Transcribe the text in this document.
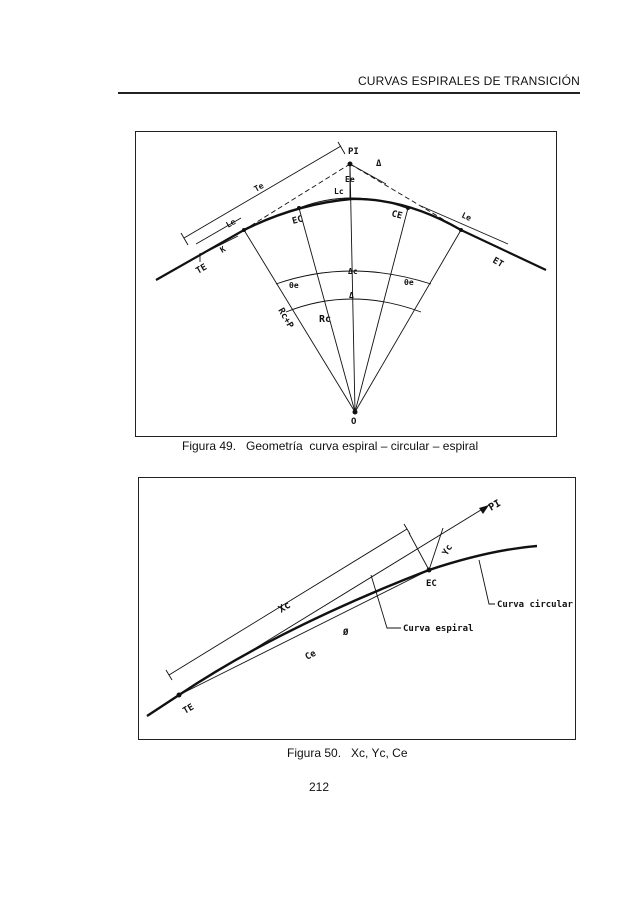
CURVAS ESPIRALES DE TRANSICIÓN
PI
Δ
Ee
Lc
Te
Le
Le
K
TE
EC	CE
ET
θe
Δc
θe
Δ
Rc+P Rc
O
Figura 49.   Geometría  curva espiral – circular – espiral
PI
Yc
Xc
EC
Ce
Ø
TE
Curva circular
Curva espiral
Figura 50.   Xc, Yc, Ce
212
